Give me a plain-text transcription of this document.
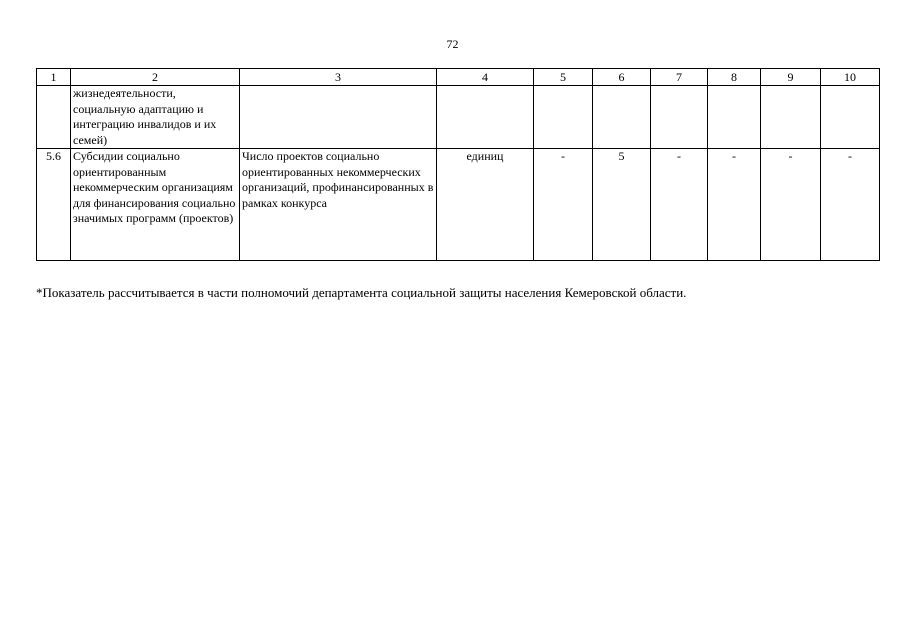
72
1	2	3	4	5	6	7	8	9	10
	жизнедеятельности, социальную адаптацию и интеграцию инвалидов и их семей)								
5.6	Субсидии социально ориентированным некоммерческим организациям для финансирования социально значимых программ (проектов)	Число проектов социально ориентированных некоммерческих организаций, профинансированных в рамках конкурса	единиц	-	5	-	-	-	-
*Показатель рассчитывается в части полномочий департамента социальной защиты населения Кемеровской области.
